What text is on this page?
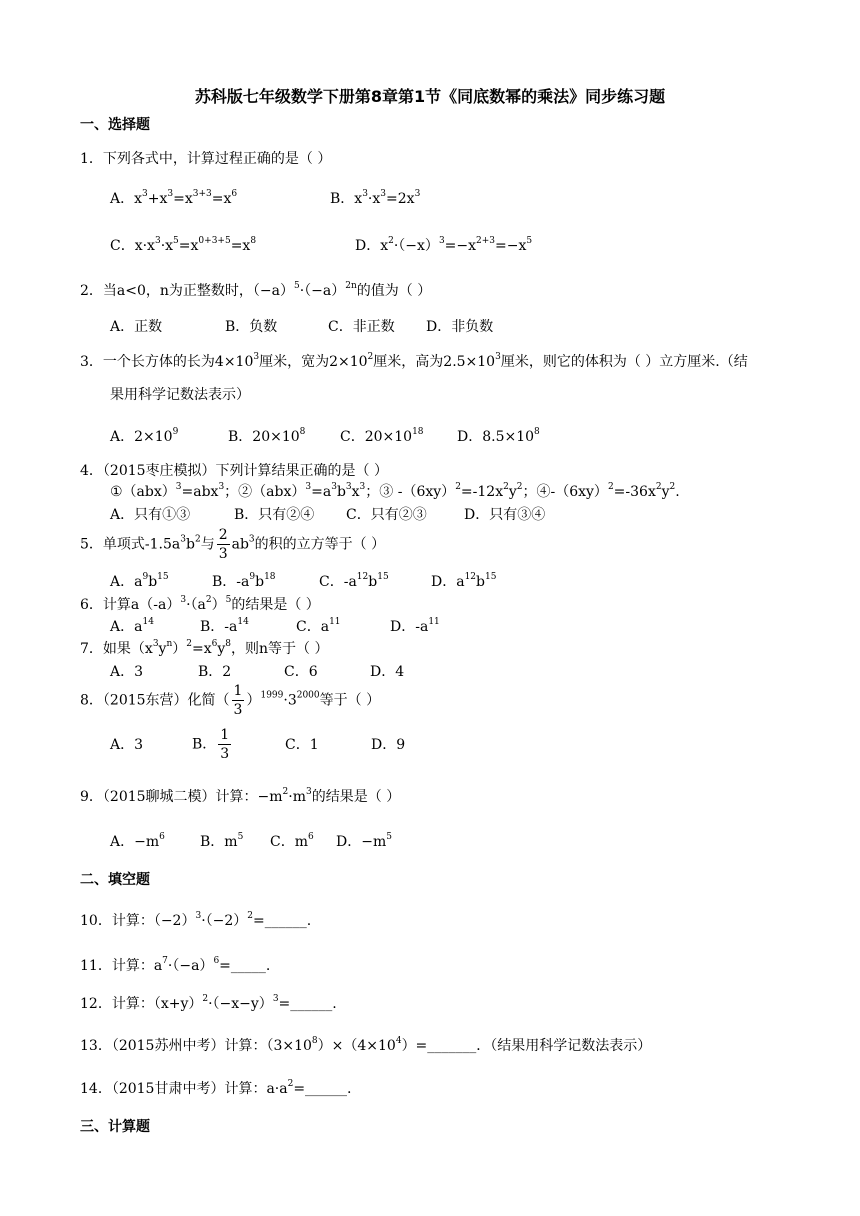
苏科版七年级数学下册第8章第1节《同底数幂的乘法》同步练习题
一、选择题
1．下列各式中，计算过程正确的是（ ）
A．$x^3+x^3=x^{3+3}=x^6$	B．$x^3\cdot x^3=2x^3$
C．$x\cdot x^3\cdot x^5=x^{0+3+5}=x^8$	D．$x^2\cdot(-x)^3=-x^{2+3}=-x^5$
2．当a<0，n为正整数时，$(-a)^5\cdot(-a)^{2n}$的值为（ ）
A．正数	B．负数	C．非正数 D．非负数
3．一个长方体的长为$4\times 10^3$厘米，宽为$2\times 10^2$厘米，高为$2.5\times 10^3$厘米，则它的体积为（ ）立方厘米.（结
果用科学记数法表示）
A．$2\times 10^9$	B．$20\times 10^8$ C．$20\times 10^{18}$ D．$8.5\times 10^8$
4．（2015枣庄模拟）下列计算结果正确的是（ ）
①（abx）$^3$=abx$^3$；$②(abx)^3=a^3b^3x^3$；③ $-(6xy)^2=-12x^2y^2$；$④-(6xy)^2=-36x^2y^2$.
A．只有①③	B．只有②④ C．只有②③	D．只有③④
5．单项式$-1.5a^3b^2$与 $\frac{2}{3} ab^3$的积的立方等于（ ）
A．$a^9b^{15}$	B．$-a^9b^{18}$	C．$-a^{12}b^{15}$	D．$a^{12}b^{15}$
6．计算$a(-a)^3\cdot(a^2)^5$的结果是（ ）
A．$a^{14}$	B．$-a^{14}$	C．$a^{11}$	D．$-a^{11}$
7．如果$(x^3y^n)^2=x^6y^8$，则n等于（ ）
A．3	B．2	C．6	D．4
8．（2015东营）化简（ $\frac{1}{3} )^{1999}\cdot 3^{2000}$等于（ ）
A．3	B． $\frac{1}{3}$	C．1	D．9
9．（2015聊城二模）计算：$-m^2\cdot m^3$的结果是（ ）
A．$-m^6$	B．$m^5$ C．$m^6$ D．$-m^5$
二、填空题
10．计算：$(-2)^3\cdot(-2)^2=\_\_\_\_\_\_$.
11．计算：$a^7\cdot(-a)^6=\_\_\_\_\_$.
12．计算：$(x+y)^2\cdot(-x-y)^3=\_\_\_\_\_\_$.
13．（2015苏州中考）计算：$(3\times 10^8)\times(4\times 10^4)=\_\_\_\_\_\_\_$．（结果用科学记数法表示）
14．（2015甘肃中考）计算：$a\cdot a^2=\_\_\_\_\_\_$.
三、计算题
